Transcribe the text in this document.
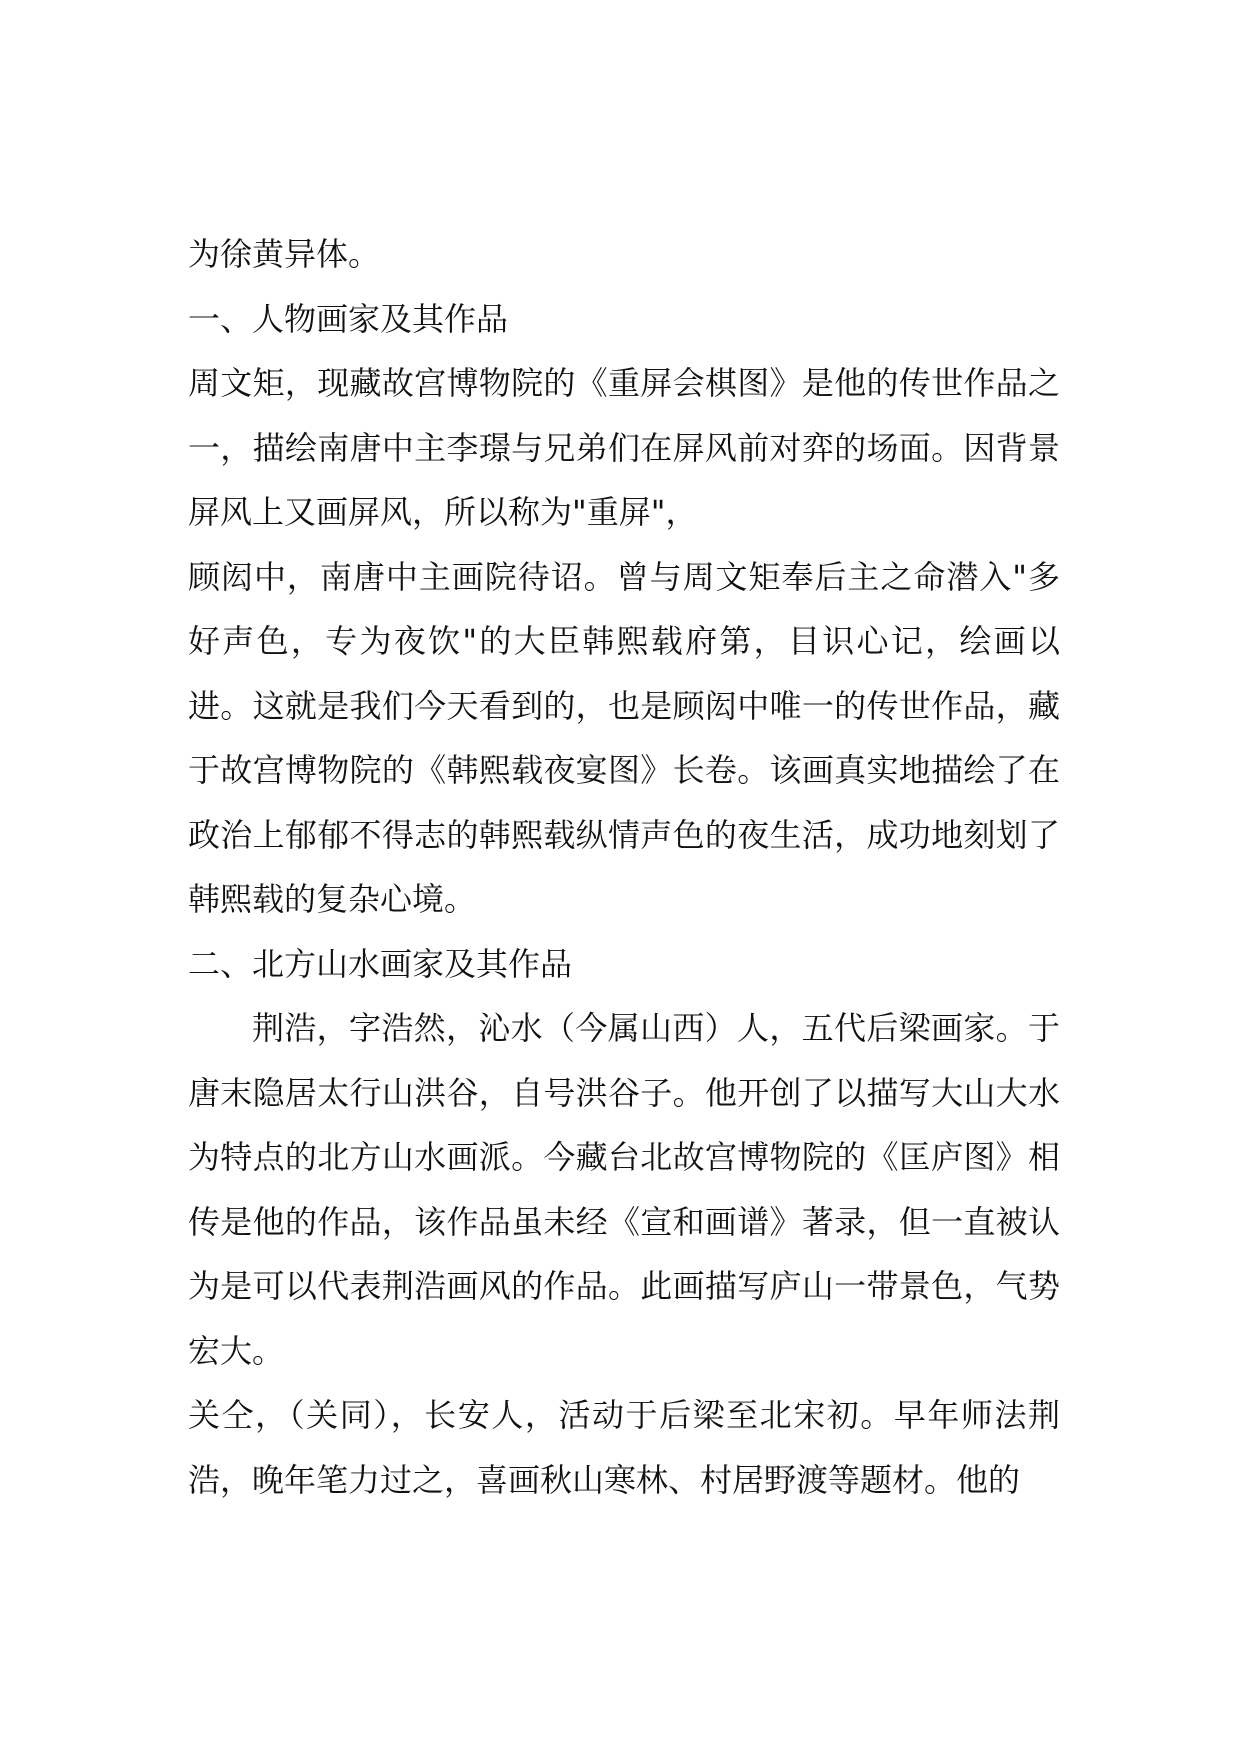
为徐黄异体。

一、人物画家及其作品

周文矩，现藏故宫博物院的《重屏会棋图》是他的传世作品之一，描绘南唐中主李璟与兄弟们在屏风前对弈的场面。因背景屏风上又画屏风，所以称为"重屏"，

顾闳中，南唐中主画院待诏。曾与周文矩奉后主之命潜入"多好声色，专为夜饮"的大臣韩熙载府第，目识心记，绘画以进。这就是我们今天看到的，也是顾闳中唯一的传世作品，藏于故宫博物院的《韩熙载夜宴图》长卷。该画真实地描绘了在政治上郁郁不得志的韩熙载纵情声色的夜生活，成功地刻划了韩熙载的复杂心境。

二、北方山水画家及其作品

荆浩，字浩然，沁水（今属山西）人，五代后梁画家。于唐末隐居太行山洪谷，自号洪谷子。他开创了以描写大山大水为特点的北方山水画派。今藏台北故宫博物院的《匡庐图》相传是他的作品，该作品虽未经《宣和画谱》著录，但一直被认为是可以代表荆浩画风的作品。此画描写庐山一带景色，气势宏大。

关仝，（关同），长安人，活动于后梁至北宋初。早年师法荆浩，晚年笔力过之，喜画秋山寒林、村居野渡等题材。他的
